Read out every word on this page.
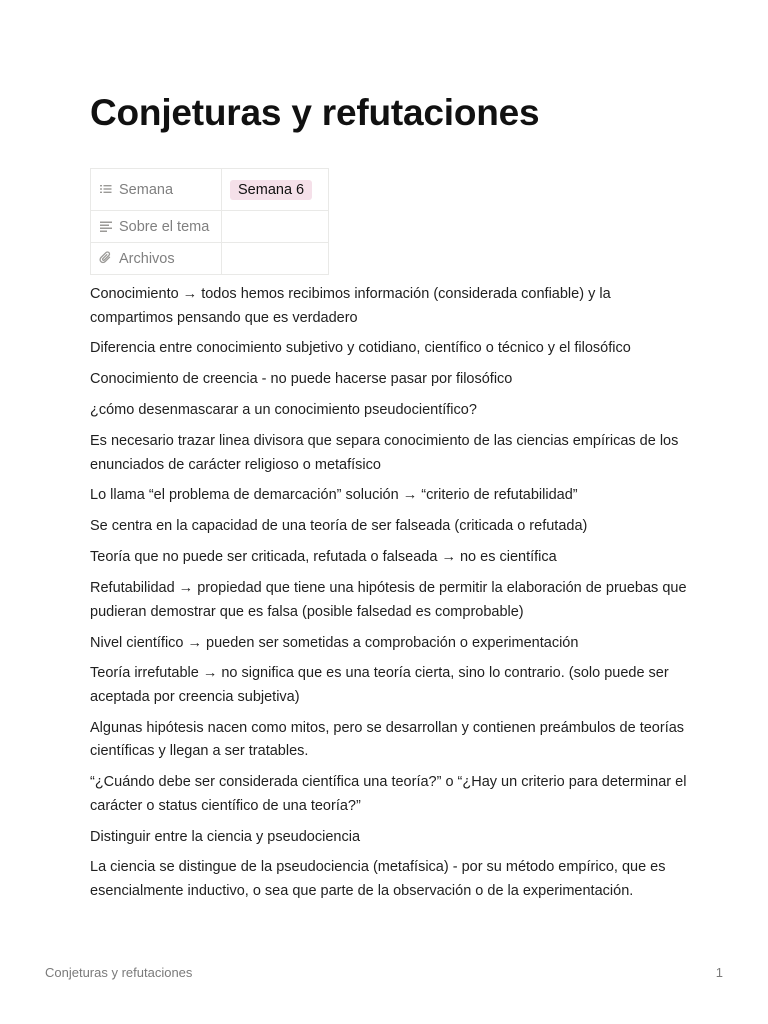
Conjeturas y refutaciones
Semana	Semana 6

Sobre el tema	

Archivos	

Conocimiento → todos hemos recibimos información (considerada confiable) y la compartimos pensando que es verdadero

Diferencia entre conocimiento subjetivo y cotidiano, científico o técnico y el filosófico

Conocimiento de creencia - no puede hacerse pasar por filosófico

¿cómo desenmascarar a un conocimiento pseudocientífico?

Es necesario trazar linea divisora que separa conocimiento de las ciencias empíricas de los enunciados de carácter religioso o metafísico

Lo llama “el problema de demarcación” solución → “criterio de refutabilidad”

Se centra en la capacidad de una teoría de ser falseada (criticada o refutada)

Teoría que no puede ser criticada, refutada o falseada → no es científica

Refutabilidad → propiedad que tiene una hipótesis de permitir la elaboración de pruebas que pudieran demostrar que es falsa (posible falsedad es comprobable)

Nivel científico → pueden ser sometidas a comprobación o experimentación

Teoría irrefutable → no significa que es una teoría cierta, sino lo contrario. (solo puede ser aceptada por creencia subjetiva)

Algunas hipótesis nacen como mitos, pero se desarrollan y contienen preámbulos de teorías científicas y llegan a ser tratables.

“¿Cuándo debe ser considerada científica una teoría?” o “¿Hay un criterio para determinar el carácter o status científico de una teoría?”

Distinguir entre la ciencia y pseudociencia

La ciencia se distingue de la pseudociencia (metafísica) - por su método empírico, que es esencialmente inductivo, o sea que parte de la observación o de la experimentación.

Conjeturas y refutaciones	1
